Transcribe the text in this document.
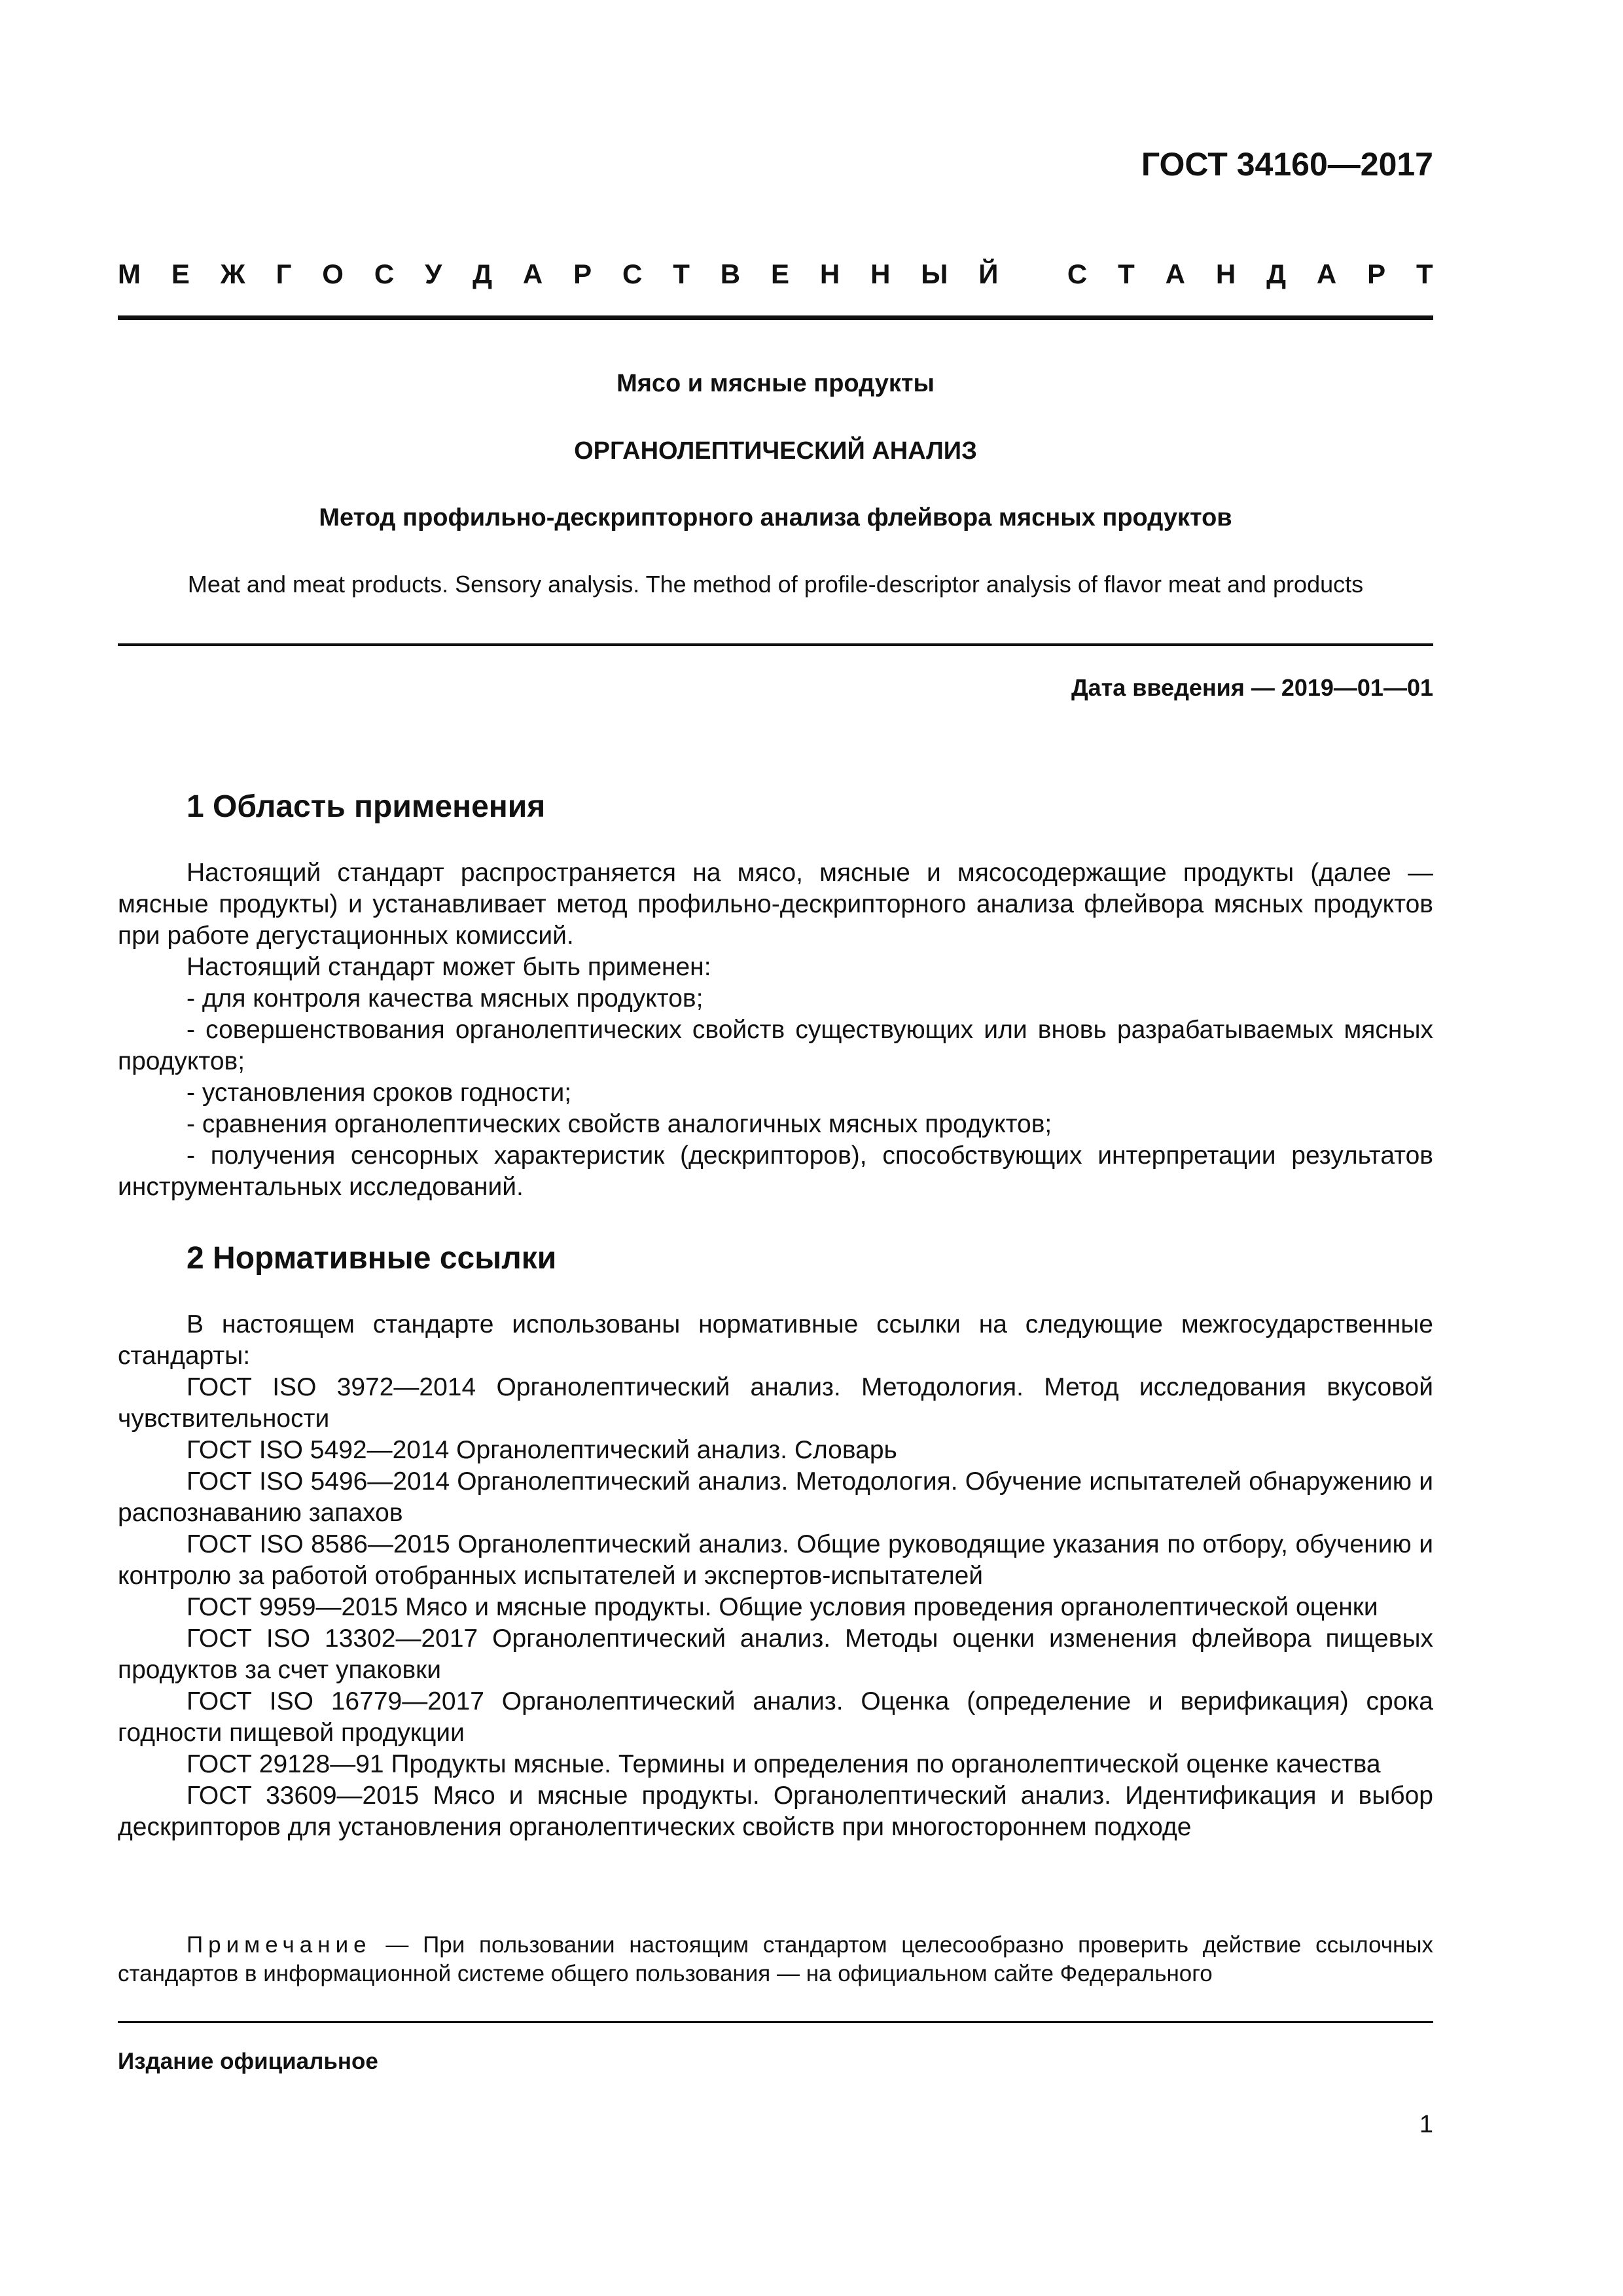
ГОСТ 34160—2017
М Е Ж Г О С У Д А Р С Т В Е Н Н Ы Й
	С Т А Н Д А Р Т
Мясо и мясные продукты
ОРГАНОЛЕПТИЧЕСКИЙ АНАЛИЗ
Метод профильно-дескрипторного анализа флейвора мясных продуктов
Meat and meat products. Sensory analysis. The method of profile-descriptor analysis of flavor meat and products
Дата введения — 2019—01—01
1 Область применения

Настоящий стандарт распространяется на мясо, мясные и мясосодержащие продукты (далее — мясные продукты) и устанавливает метод профильно-дескрипторного анализа флейвора мясных продуктов при работе дегустационных комиссий.

Настоящий стандарт может быть применен:

- для контроля качества мясных продуктов;

- совершенствования органолептических свойств существующих или вновь разрабатываемых мясных продуктов;

- установления сроков годности;

- сравнения органолептических свойств аналогичных мясных продуктов;

- получения сенсорных характеристик (дескрипторов), способствующих интерпретации результатов инструментальных исследований.

2 Нормативные ссылки

В настоящем стандарте использованы нормативные ссылки на следующие межгосударственные стандарты:

ГОСТ ISO 3972—2014 Органолептический анализ. Методология. Метод исследования вкусовой чувствительности

ГОСТ ISO 5492—2014 Органолептический анализ. Словарь

ГОСТ ISO 5496—2014 Органолептический анализ. Методология. Обучение испытателей обнаружению и распознаванию запахов

ГОСТ ISO 8586—2015 Органолептический анализ. Общие руководящие указания по отбору, обучению и контролю за работой отобранных испытателей и экспертов-испытателей

ГОСТ 9959—2015 Мясо и мясные продукты. Общие условия проведения органолептической оценки

ГОСТ ISO 13302—2017 Органолептический анализ. Методы оценки изменения флейвора пищевых продуктов за счет упаковки

ГОСТ ISO 16779—2017 Органолептический анализ. Оценка (определение и верификация) срока годности пищевой продукции

ГОСТ 29128—91 Продукты мясные. Термины и определения по органолептической оценке качества

ГОСТ 33609—2015 Мясо и мясные продукты. Органолептический анализ. Идентификация и выбор дескрипторов для установления органолептических свойств при многостороннем подходе

Примечание — При пользовании настоящим стандартом целесообразно проверить действие ссылочных стандартов в информационной системе общего пользования — на официальном сайте Федерального
Издание официальное
1
